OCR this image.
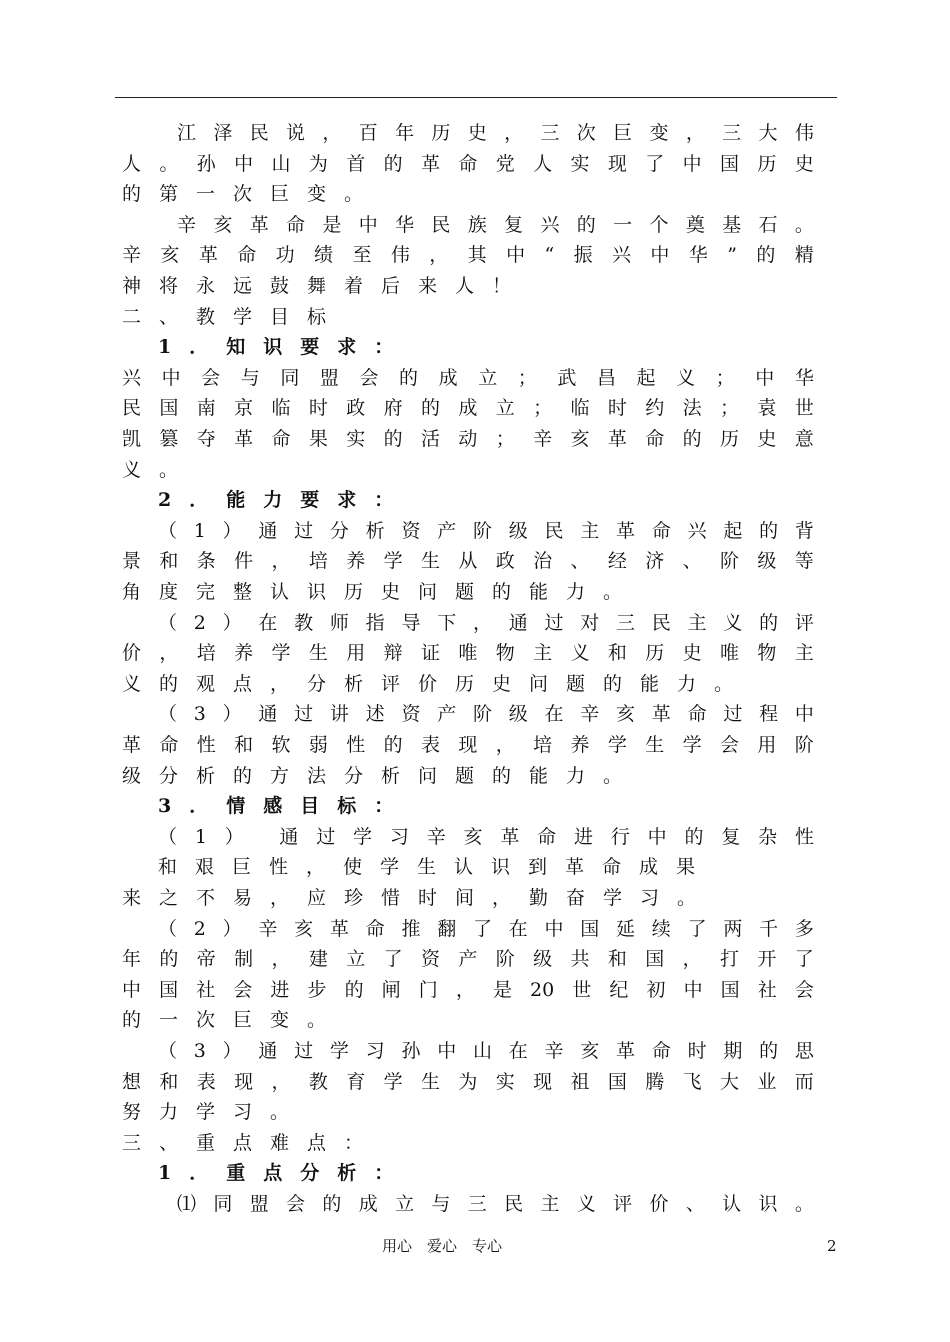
江 泽 民 说 ， 百 年 历 史 ， 三 次 巨 变 ， 三 大 伟
人 。 孙 中 山 为 首 的 革 命 党 人 实 现 了 中 国 历 史
的第一次巨变。
辛 亥 革 命 是 中 华 民 族 复 兴 的 一 个 奠 基 石 。
辛 亥 革 命 功 绩 至 伟 ， 其 中 “ 振 兴 中 华 ” 的 精
神将永远鼓舞着后来人！
二、教学目标
1．知识要求：
兴 中 会 与 同 盟 会 的 成 立 ； 武 昌 起 义 ； 中 华
民 国 南 京 临 时 政 府 的 成 立 ； 临 时 约 法 ； 袁 世
凯 篡 夺 革 命 果 实 的 活 动 ； 辛 亥 革 命 的 历 史 意
义。
2．能力要求：
（ 1 ） 通 过 分 析 资 产 阶 级 民 主 革 命 兴 起 的 背
景 和 条 件 ， 培 养 学 生 从 政 治 、 经 济 、 阶 级 等
角度完整认识历史问题的能力。
（ 2 ） 在 教 师 指 导 下 ， 通 过 对 三 民 主 义 的 评
价 ， 培 养 学 生 用 辩 证 唯 物 主 义 和 历 史 唯 物 主
义的观点，分析评价历史问题的能力。
（ 3 ） 通 过 讲 述 资 产 阶 级 在 辛 亥 革 命 过 程 中
革 命 性 和 软 弱 性 的 表 现 ， 培 养 学 生 学 会 用 阶
级分析的方法分析问题的能力。
3．情感目标：
（ 1 ） 通 过 学 习 辛 亥 革 命 进 行 中 的 复 杂 性
和艰巨性，使学生认识到革命成果
来之不易，应珍惜时间，勤奋学习。
（ 2 ） 辛 亥 革 命 推 翻 了 在 中 国 延 续 了 两 千 多
年 的 帝 制 ， 建 立 了 资 产 阶 级 共 和 国 ， 打 开 了
中 国 社 会 进 步 的 闸 门 ， 是 20 世 纪 初 中 国 社 会
的一次巨变。
（ 3 ） 通 过 学 习 孙 中 山 在 辛 亥 革 命 时 期 的 思
想 和 表 现 ， 教 育 学 生 为 实 现 祖 国 腾 飞 大 业 而
努力学习。
三、重点难点：
1．重点分析：
⑴ 同 盟 会 的 成 立 与 三 民 主 义 评 价 、 认 识 。
用心　爱心　专心	2
